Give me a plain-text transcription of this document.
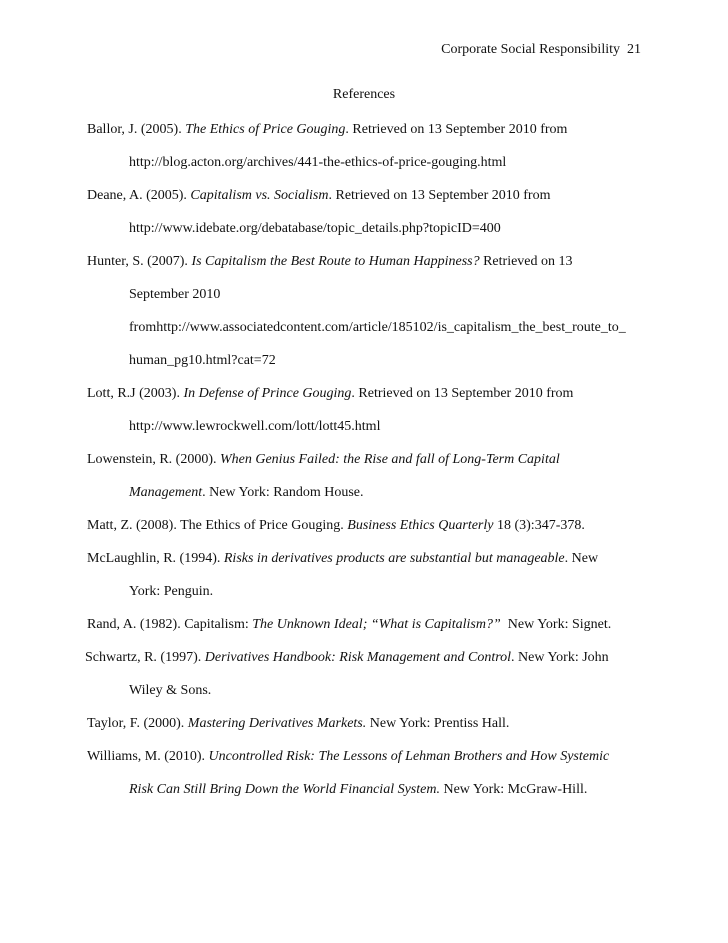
Corporate Social Responsibility 21
References
Ballor, J. (2005). The Ethics of Price Gouging. Retrieved on 13 September 2010 from
http://blog.acton.org/archives/441-the-ethics-of-price-gouging.html
Deane, A. (2005). Capitalism vs. Socialism. Retrieved on 13 September 2010 from
http://www.idebate.org/debatabase/topic_details.php?topicID=400
Hunter, S. (2007). Is Capitalism the Best Route to Human Happiness? Retrieved on 13
September 2010
fromhttp://www.associatedcontent.com/article/185102/is_capitalism_the_best_route_to_
human_pg10.html?cat=72
Lott, R.J (2003). In Defense of Prince Gouging. Retrieved on 13 September 2010 from
http://www.lewrockwell.com/lott/lott45.html
Lowenstein, R. (2000). When Genius Failed: the Rise and fall of Long-Term Capital
Management. New York: Random House.
Matt, Z. (2008). The Ethics of Price Gouging. Business Ethics Quarterly 18 (3):347-378.
McLaughlin, R. (1994). Risks in derivatives products are substantial but manageable. New
York: Penguin.
Rand, A. (1982). Capitalism: The Unknown Ideal; “What is Capitalism?”  New York: Signet.
Schwartz, R. (1997). Derivatives Handbook: Risk Management and Control. New York: John
Wiley & Sons.
Taylor, F. (2000). Mastering Derivatives Markets. New York: Prentiss Hall.
Williams, M. (2010). Uncontrolled Risk: The Lessons of Lehman Brothers and How Systemic
Risk Can Still Bring Down the World Financial System. New York: McGraw-Hill.
